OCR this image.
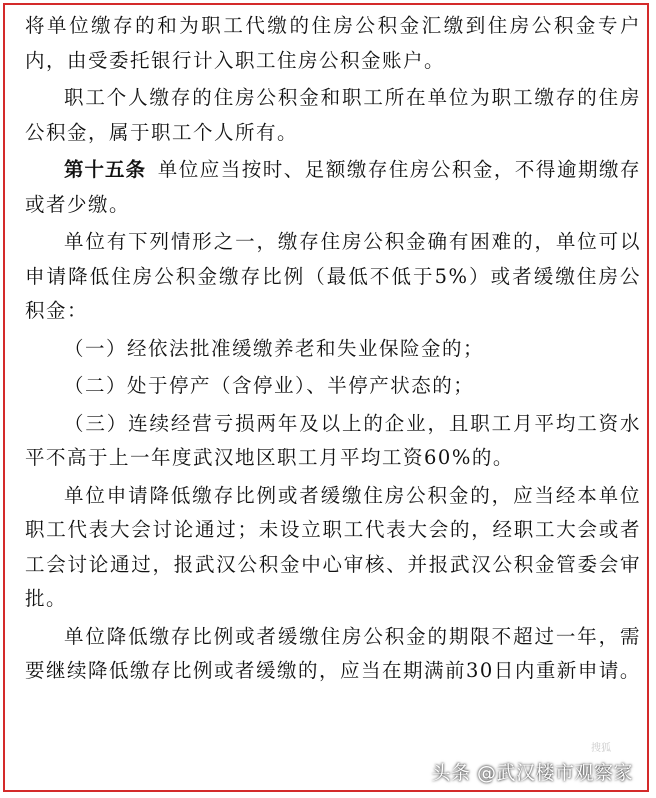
将单位缴存的和为职工代缴的住房公积金汇缴到住房公积金专户内，由受委托银行计入职工住房公积金账户。

职工个人缴存的住房公积金和职工所在单位为职工缴存的住房公积金，属于职工个人所有。

第十五条 单位应当按时、足额缴存住房公积金，不得逾期缴存或者少缴。

单位有下列情形之一，缴存住房公积金确有困难的，单位可以申请降低住房公积金缴存比例（最低不低于5%）或者缓缴住房公积金：

（一）经依法批准缓缴养老和失业保险金的；

（二）处于停产（含停业）、半停产状态的；

（三）连续经营亏损两年及以上的企业，且职工月平均工资水平不高于上一年度武汉地区职工月平均工资60%的。

单位申请降低缴存比例或者缓缴住房公积金的，应当经本单位职工代表大会讨论通过；未设立职工代表大会的，经职工大会或者工会讨论通过，报武汉公积金中心审核、并报武汉公积金管委会审批。

单位降低缴存比例或者缓缴住房公积金的期限不超过一年，需要继续降低缴存比例或者缓缴的，应当在期满前30日内重新申请。

搜狐
头条 @武汉楼市观察家
